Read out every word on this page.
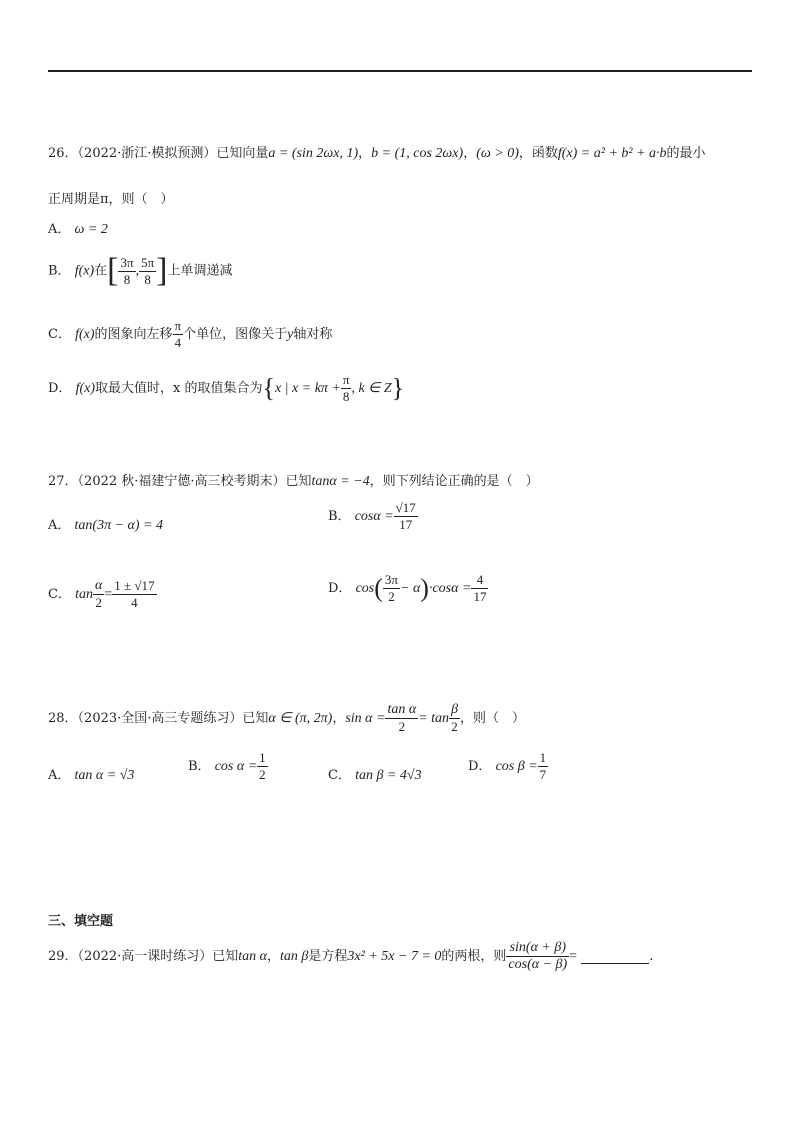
26．（2022·浙江·模拟预测）已知向量a = (sin 2ωx, 1)，b = (1, cos 2ωx)，(ω > 0)，函数f(x) = a² + b² + a·b的最小
正周期是π，则（　）
A． ω = 2
B． f(x)在[ $\frac{3\pi}{8}$ , $\frac{5\pi}{8}$ ]上单调递减
C． f(x)的图象向左移 $\frac{\pi}{4}$ 个单位，图像关于y轴对称
D． f(x)取最大值时，x 的取值集合为{x | $x = k\pi + \frac{\pi}{8}$ , k ∈ Z}
27．（2022 秋·福建宁德·高三校考期末）已知tanα = −4，则下列结论正确的是（　）
A． tan(3π − α) = 4
B． $\cos\alpha = \frac{√17}{17}$
C． $\tan \frac{\alpha}{2} = \frac{1 \pm √17}{4}$	D． $\cos( \frac{3\pi}{2} - \alpha)\cdot\cos\alpha = \frac{4}{17}$
28．（2023·全国·高三专题练习）已知α ∈ (π, 2π)，$\sin \alpha = \frac{\text{tan α}}{2} = \tan \frac{\beta}{2}$ ，则（　）
A． tan α = √3
B． $\cos \alpha = \frac{1}{2}$	C． tan β = 4√3
D． $\cos \beta = \frac{1}{7}$
三、填空题
29．（2022·高一课时练习）已知tan α，tan β是方程3x² + 5x − 7 = 0的两根，则 $\frac{\sin(\alpha + \beta)}{\cos(\alpha - \beta)}$ =	.
